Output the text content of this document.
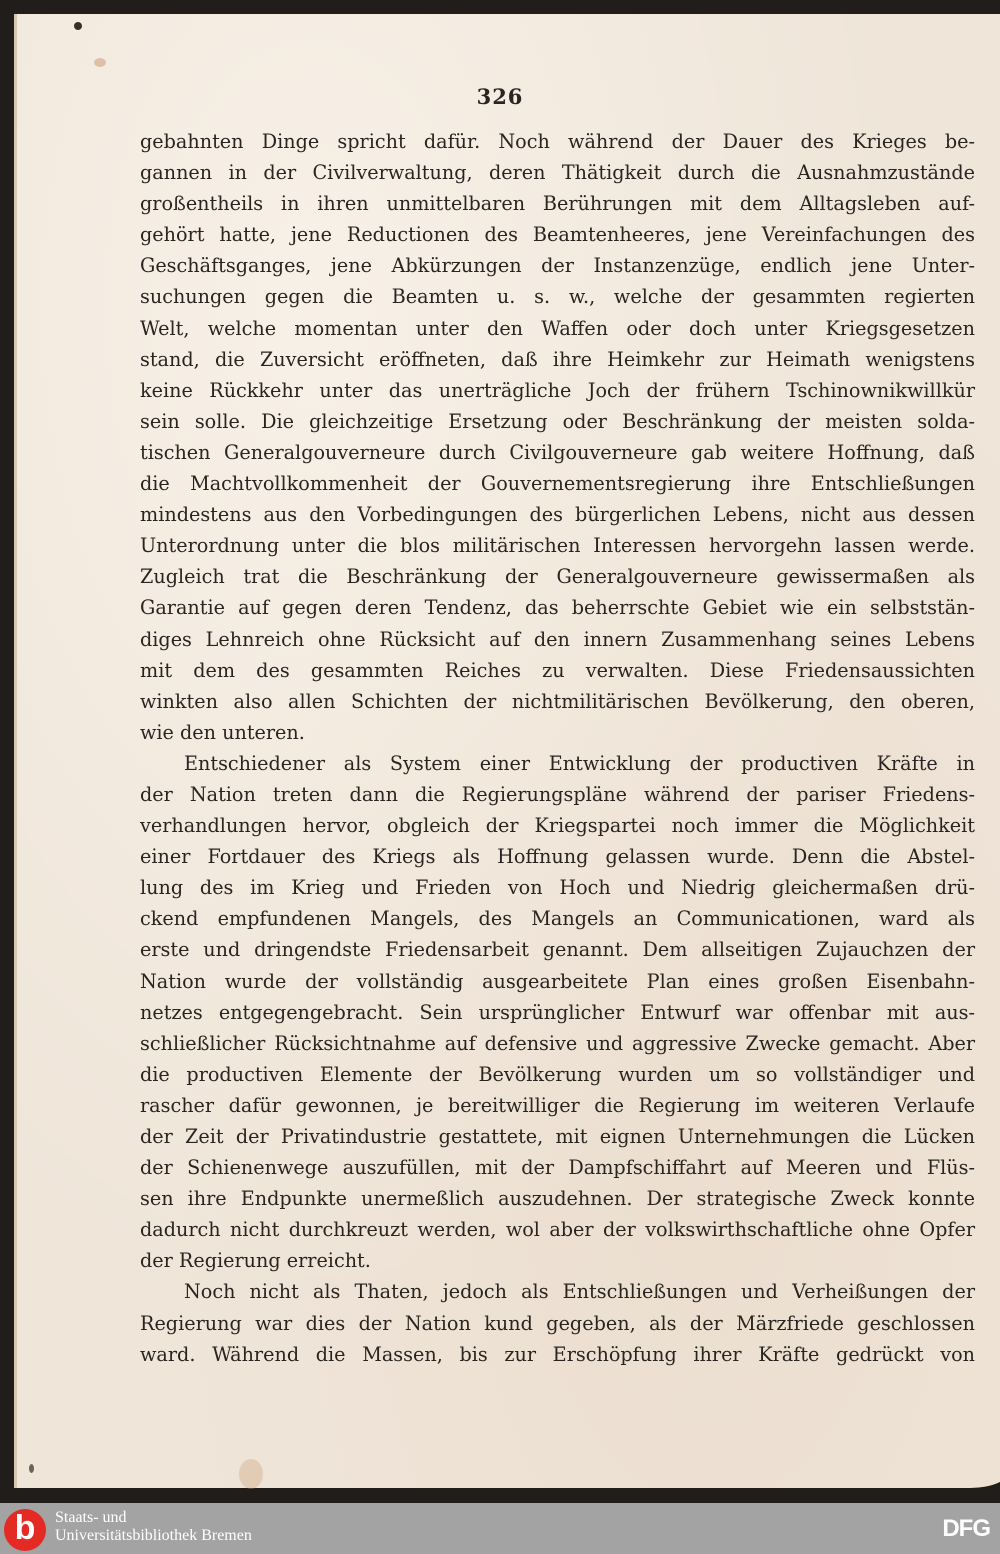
326
gebahnten Dinge spricht dafür. Noch während der Dauer des Krieges be-
gannen in der Civilverwaltung, deren Thätigkeit durch die Ausnahmzustände
großentheils in ihren unmittelbaren Berührungen mit dem Alltagsleben auf-
gehört hatte, jene Reductionen des Beamtenheeres, jene Vereinfachungen des
Geschäftsganges, jene Abkürzungen der Instanzenzüge, endlich jene Unter-
suchungen gegen die Beamten u. s. w., welche der gesammten regierten
Welt, welche momentan unter den Waffen oder doch unter Kriegsgesetzen
stand, die Zuversicht eröffneten, daß ihre Heimkehr zur Heimath wenigstens
keine Rückkehr unter das unerträgliche Joch der frühern Tschinownikwillkür
sein solle. Die gleichzeitige Ersetzung oder Beschränkung der meisten solda-
tischen Generalgouverneure durch Civilgouverneure gab weitere Hoffnung, daß
die Machtvollkommenheit der Gouvernementsregierung ihre Entschließungen
mindestens aus den Vorbedingungen des bürgerlichen Lebens, nicht aus dessen
Unterordnung unter die blos militärischen Interessen hervorgehn lassen werde.
Zugleich trat die Beschränkung der Generalgouverneure gewissermaßen als
Garantie auf gegen deren Tendenz, das beherrschte Gebiet wie ein selbststän-
diges Lehnreich ohne Rücksicht auf den innern Zusammenhang seines Lebens
mit dem des gesammten Reiches zu verwalten. Diese Friedensaussichten
winkten also allen Schichten der nichtmilitärischen Bevölkerung, den oberen,
wie den unteren.
Entschiedener als System einer Entwicklung der productiven Kräfte in
der Nation treten dann die Regierungspläne während der pariser Friedens-
verhandlungen hervor, obgleich der Kriegspartei noch immer die Möglichkeit
einer Fortdauer des Kriegs als Hoffnung gelassen wurde. Denn die Abstel-
lung des im Krieg und Frieden von Hoch und Niedrig gleichermaßen drü-
ckend empfundenen Mangels, des Mangels an Communicationen, ward als
erste und dringendste Friedensarbeit genannt. Dem allseitigen Zujauchzen der
Nation wurde der vollständig ausgearbeitete Plan eines großen Eisenbahn-
netzes entgegengebracht. Sein ursprünglicher Entwurf war offenbar mit aus-
schließlicher Rücksichtnahme auf defensive und aggressive Zwecke gemacht. Aber
die productiven Elemente der Bevölkerung wurden um so vollständiger und
rascher dafür gewonnen, je bereitwilliger die Regierung im weiteren Verlaufe
der Zeit der Privatindustrie gestattete, mit eignen Unternehmungen die Lücken
der Schienenwege auszufüllen, mit der Dampfschiffahrt auf Meeren und Flüs-
sen ihre Endpunkte unermeßlich auszudehnen. Der strategische Zweck konnte
dadurch nicht durchkreuzt werden, wol aber der volkswirthschaftliche ohne Opfer
der Regierung erreicht.
Noch nicht als Thaten, jedoch als Entschließungen und Verheißungen der
Regierung war dies der Nation kund gegeben, als der Märzfriede geschlossen
ward. Während die Massen, bis zur Erschöpfung ihrer Kräfte gedrückt von
b	Staats- und
Universitätsbibliothek Bremen	DFG
